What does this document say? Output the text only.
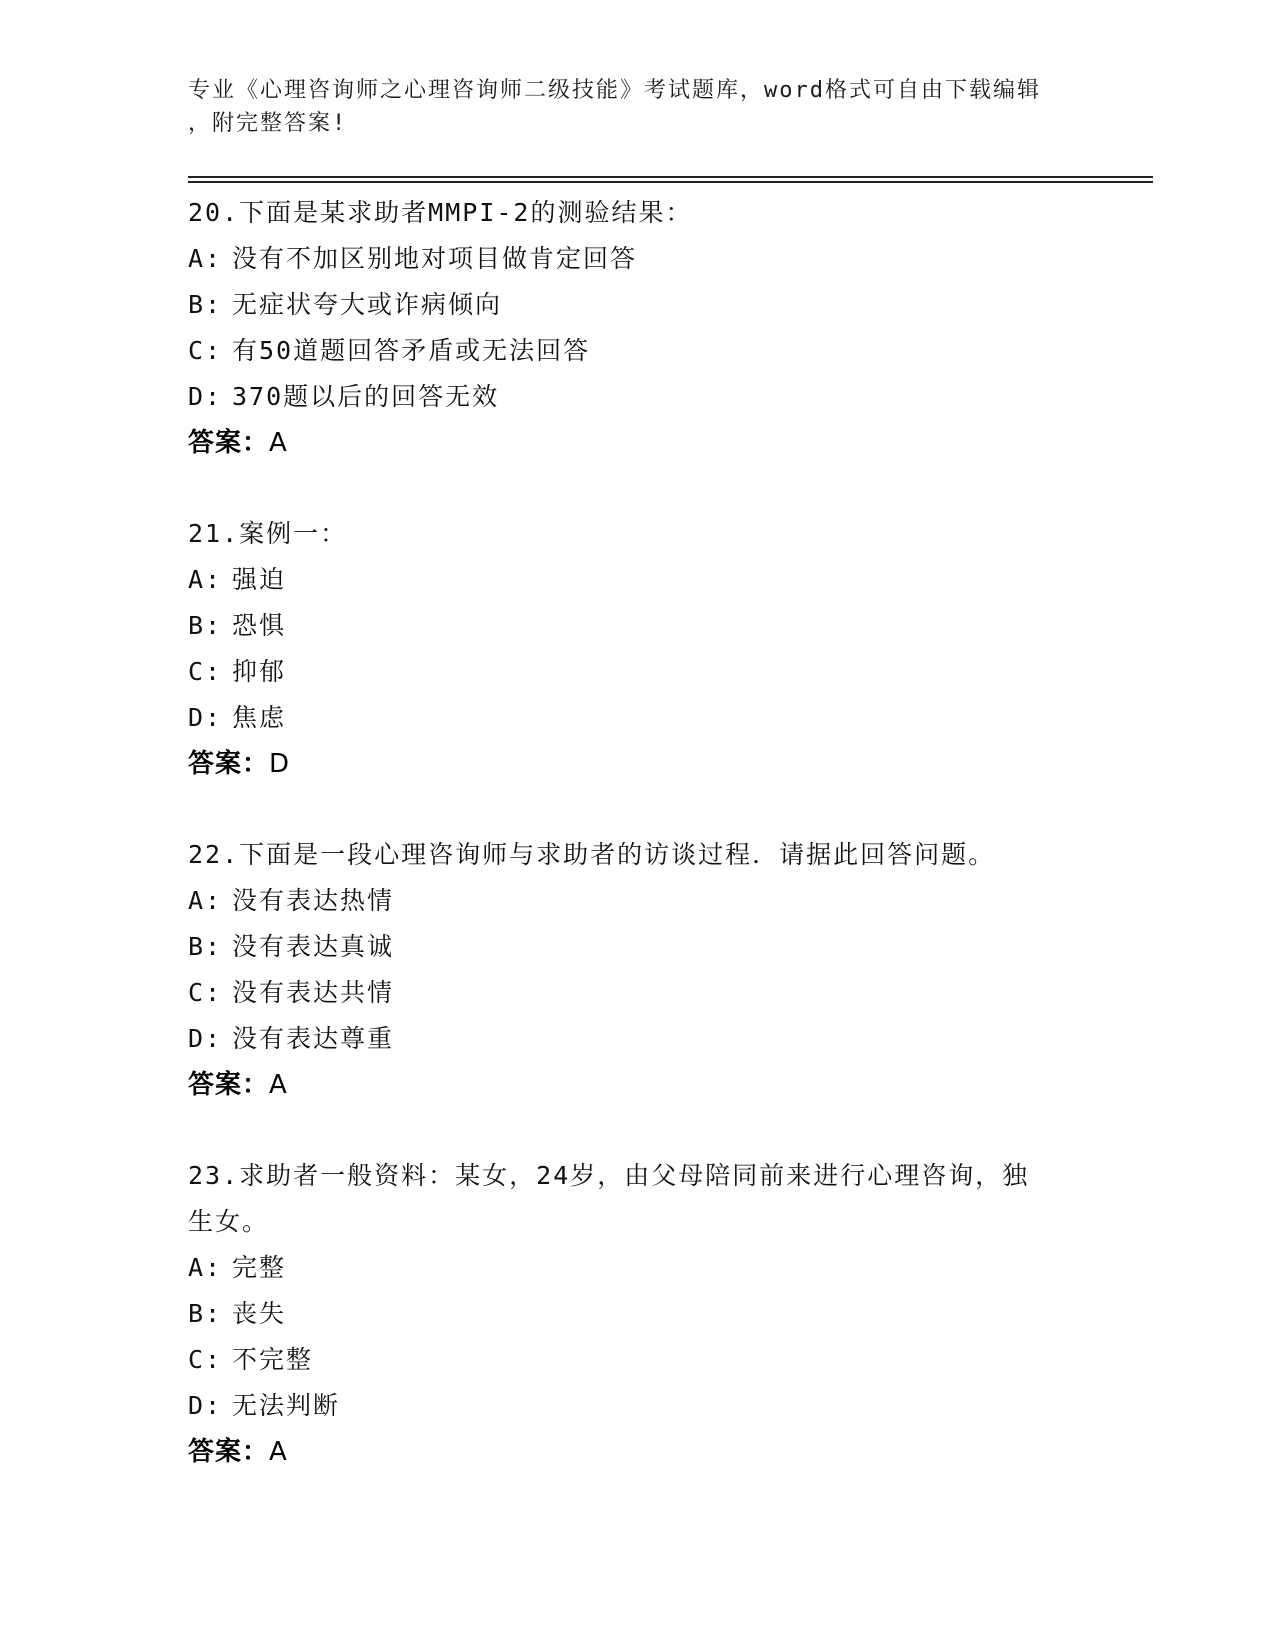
专业《心理咨询师之心理咨询师二级技能》考试题库，word格式可自由下载编辑
，附完整答案!
20.下面是某求助者MMPI-2的测验结果：
A: 没有不加区别地对项目做肯定回答
B: 无症状夸大或诈病倾向
C: 有50道题回答矛盾或无法回答
D: 370题以后的回答无效
答案：A
21.案例一：
A: 强迫
B: 恐惧
C: 抑郁
D: 焦虑
答案：D
22.下面是一段心理咨询师与求助者的访谈过程．请据此回答问题。
A: 没有表达热情
B: 没有表达真诚
C: 没有表达共情
D: 没有表达尊重
答案：A
23.求助者一般资料：某女，24岁，由父母陪同前来进行心理咨询，独
生女。
A: 完整
B: 丧失
C: 不完整
D: 无法判断
答案：A
